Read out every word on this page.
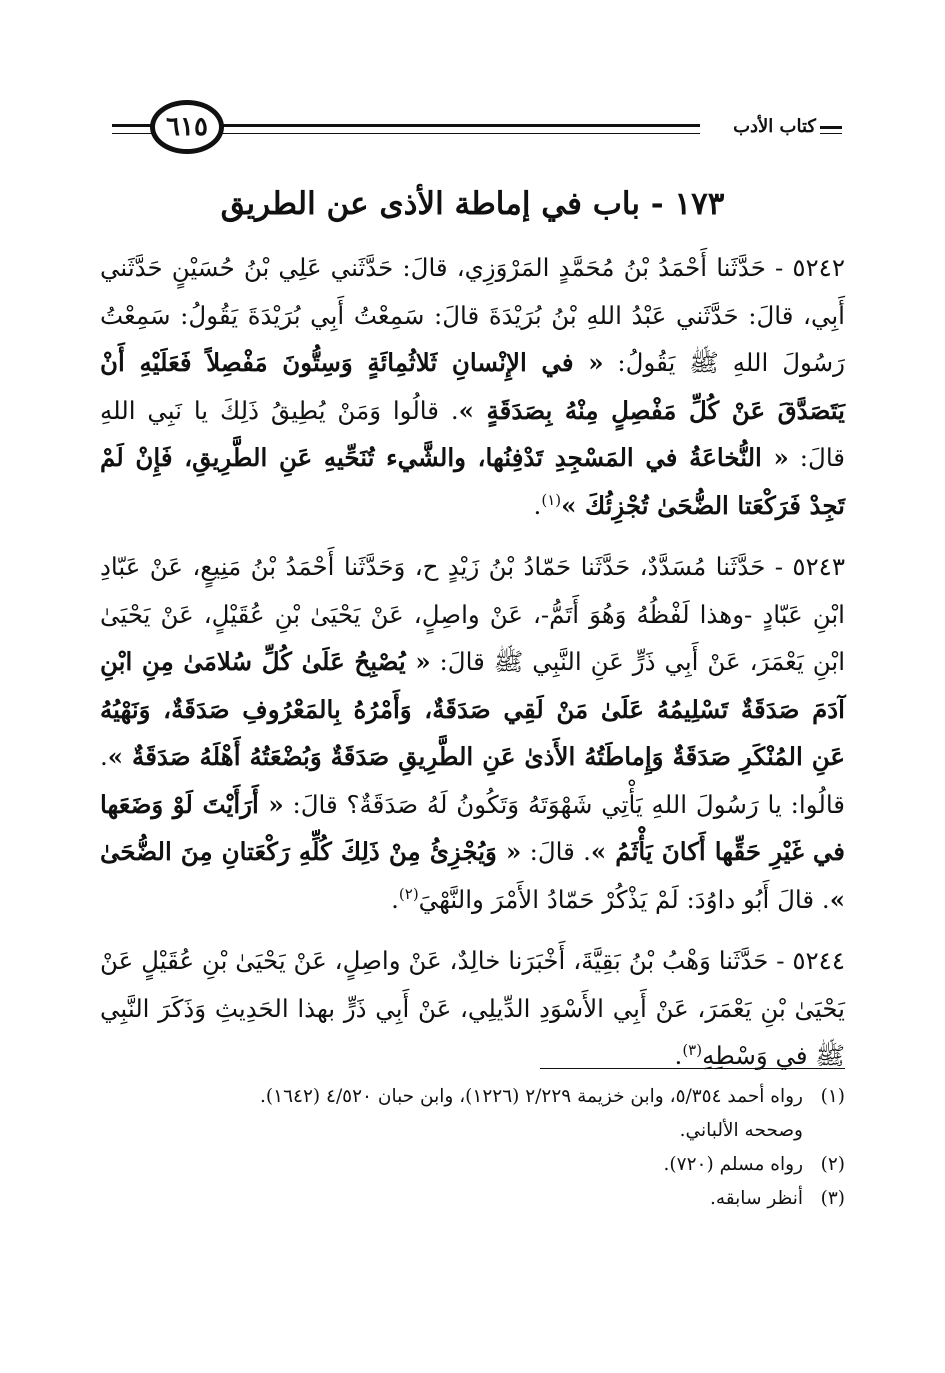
٦١٥	كتاب الأدب
١٧٣ - باب في إماطة الأذى عن الطريق

٥٢٤٢ - حَدَّثَنا أَحْمَدُ بْنُ مُحَمَّدٍ المَرْوَزِي، قالَ: حَدَّثَني عَلِي بْنُ حُسَيْنٍ حَدَّثَني أَبِي، قالَ: حَدَّثَني عَبْدُ اللهِ بْنُ بُرَيْدَةَ قالَ: سَمِعْتُ أَبِي بُرَيْدَةَ يَقُولُ: سَمِعْتُ رَسُولَ اللهِ ﷺ يَقُولُ: « في الإِنْسانِ ثَلاثُمِائَةٍ وَسِتُّونَ مَفْصِلاً فَعَلَيْهِ أَنْ يَتَصَدَّقَ عَنْ كُلِّ مَفْصِلٍ مِنْهُ بِصَدَقَةٍ ». قالُوا وَمَنْ يُطِيقُ ذَلِكَ يا نَبِي اللهِ قالَ: « النُّخاعَةُ في المَسْجِدِ تَدْفِنُها، والشَّيء تُنَحِّيهِ عَنِ الطَّرِيقِ، فَإِنْ لَمْ تَجِدْ فَرَكْعَتا الضُّحَىٰ تُجْزِئُكَ »$^{(١)}$.

٥٢٤٣ - حَدَّثَنا مُسَدَّدٌ، حَدَّثَنا حَمّادُ بْنُ زَيْدٍ ح، وَحَدَّثَنا أَحْمَدُ بْنُ مَنِيعٍ، عَنْ عَبّادِ ابْنِ عَبّادٍ -وهذا لَفْظُهُ وَهُوَ أَتَمُّ-، عَنْ واصِلٍ، عَنْ يَحْيَىٰ بْنِ عُقَيْلٍ، عَنْ يَحْيَىٰ ابْنِ يَعْمَرَ، عَنْ أَبِي ذَرٍّ عَنِ النَّبِي ﷺ قالَ: « يُصْبِحُ عَلَىٰ كُلِّ سُلامَىٰ مِنِ ابْنِ آدَمَ صَدَقَةٌ تَسْلِيمُهُ عَلَىٰ مَنْ لَقِي صَدَقَةٌ، وَأَمْرُهُ بِالمَعْرُوفِ صَدَقَةٌ، وَنَهْيُهُ عَنِ المُنْكَرِ صَدَقَةٌ وَإِماطَتُهُ الأَذىٰ عَنِ الطَّرِيقِ صَدَقَةٌ وَبُضْعَتُهُ أَهْلَهُ صَدَقَةٌ ». قالُوا: يا رَسُولَ اللهِ يَأْتِي شَهْوَتَهُ وَتَكُونُ لَهُ صَدَقَةٌ؟ قالَ: « أَرَأَيْتَ لَوْ وَضَعَها في غَيْرِ حَقِّها أَكانَ يَأْثَمُ ». قالَ: « وَيُجْزِئُ مِنْ ذَلِكَ كُلِّهِ رَكْعَتانِ مِنَ الضُّحَىٰ ». قالَ أَبُو داوُدَ: لَمْ يَذْكُرْ حَمّادُ الأَمْرَ والنَّهْيَ$^{(٢)}$.

٥٢٤٤ - حَدَّثَنا وَهْبُ بْنُ بَقِيَّةَ، أَخْبَرَنا خالِدٌ، عَنْ واصِلٍ، عَنْ يَحْيَىٰ بْنِ عُقَيْلٍ عَنْ يَحْيَىٰ بْنِ يَعْمَرَ، عَنْ أَبِي الأَسْوَدِ الدِّيلِي، عَنْ أَبِي ذَرٍّ بهذا الحَدِيثِ وَذَكَرَ النَّبِي ﷺ في وَسْطِهِ$^{(٣)}$.

(١)رواه أحمد ٥/٣٥٤، وابن خزيمة ٢/٢٢٩ (١٢٢٦)، وابن حبان ٤/٥٢٠ (١٦٤٢).

وصححه الألباني.

(٢)رواه مسلم (٧٢٠).

(٣)أنظر سابقه.
